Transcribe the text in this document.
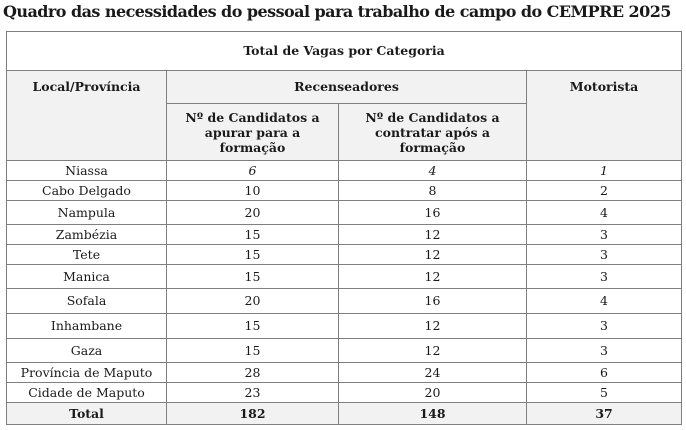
Quadro das necessidades do pessoal para trabalho de campo do CEMPRE 2025
Total de Vagas por Categoria			
Local/Província	Recenseadores		Motorista

	Nº de Candidatos a apurar para a formação	Nº de Candidatos a contratar após a formação	

Niassa	6	4	1
Cabo Delgado	10	8	2
Nampula	20	16	4
Zambézia	15	12	3
Tete	15	12	3
Manica	15	12	3
Sofala	20	16	4
Inhambane	15	12	3
Gaza	15	12	3
Província de Maputo	28	24	6
Cidade de Maputo	23	20	5
Total	182	148	37
